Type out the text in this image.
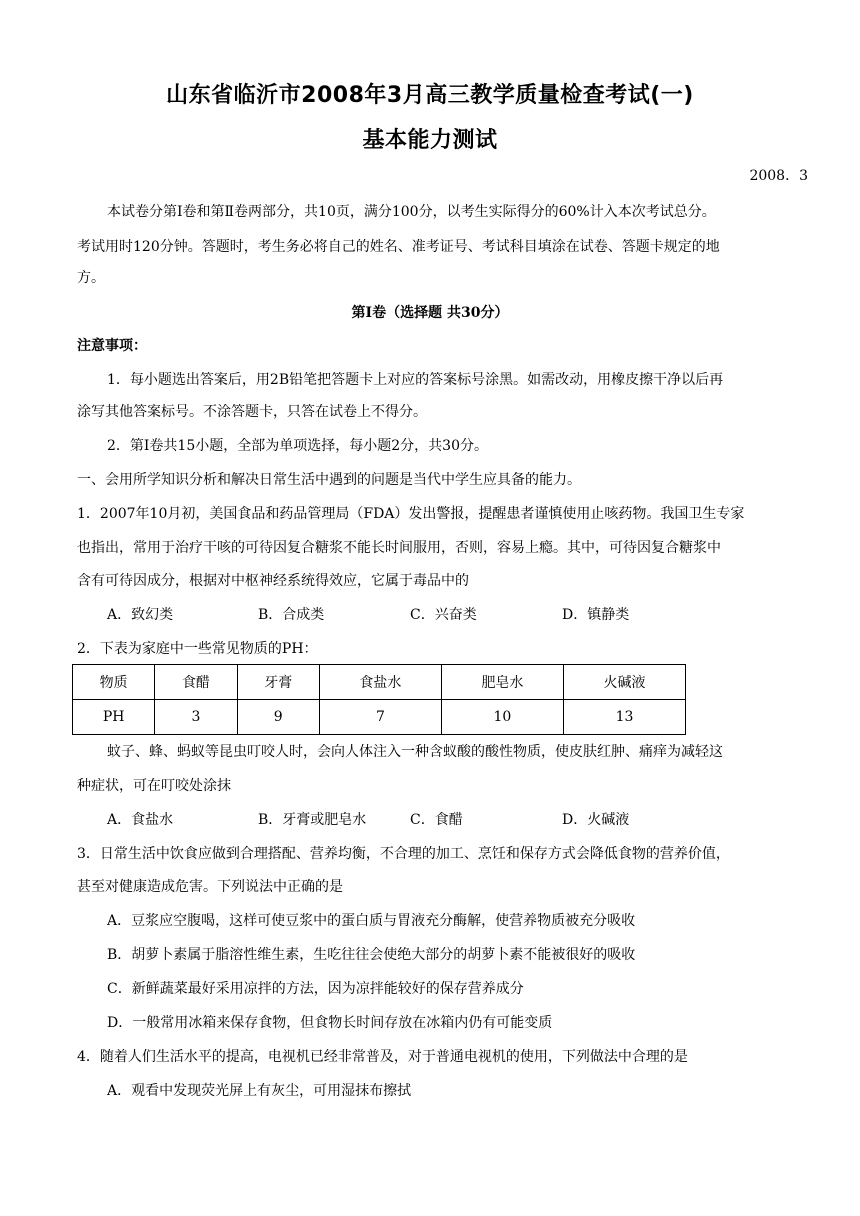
山东省临沂市2008年3月高三教学质量检查考试(一)
基本能力测试
2008．3
本试卷分第Ⅰ卷和第Ⅱ卷两部分，共10页，满分100分，以考生实际得分的60%计入本次考试总分。
考试用时120分钟。答题时，考生务必将自己的姓名、准考证号、考试科目填涂在试卷、答题卡规定的地
方。
第Ⅰ卷（选择题 共30分）
注意事项：
1．每小题选出答案后，用2B铅笔把答题卡上对应的答案标号涂黑。如需改动，用橡皮擦干净以后再
涂写其他答案标号。不涂答题卡，只答在试卷上不得分。
2．第Ⅰ卷共15小题，全部为单项选择，每小题2分，共30分。
一、会用所学知识分析和解决日常生活中遇到的问题是当代中学生应具备的能力。
1．2007年10月初，美国食品和药品管理局（FDA）发出警报，提醒患者谨慎使用止咳药物。我国卫生专家
也指出，常用于治疗干咳的可待因复合糖浆不能长时间服用，否则，容易上瘾。其中，可待因复合糖浆中
含有可待因成分，根据对中枢神经系统得效应，它属于毒品中的
A．致幻类	B．合成类	C．兴奋类	D．镇静类
2．下表为家庭中一些常见物质的PH：
物质	食醋	牙膏	食盐水	肥皂水	火碱液
PH	3	9	7	10	13
蚊子、蜂、蚂蚁等昆虫叮咬人时，会向人体注入一种含蚁酸的酸性物质，使皮肤红肿、痛痒为减轻这
种症状，可在叮咬处涂抹
A．食盐水	B．牙膏或肥皂水	C．食醋	D．火碱液
3．日常生活中饮食应做到合理搭配、营养均衡，不合理的加工、烹饪和保存方式会降低食物的营养价值，
甚至对健康造成危害。下列说法中正确的是
A．豆浆应空腹喝，这样可使豆浆中的蛋白质与胃液充分酶解，使营养物质被充分吸收
B．胡萝卜素属于脂溶性维生素，生吃往往会使绝大部分的胡萝卜素不能被很好的吸收
C．新鲜蔬菜最好采用凉拌的方法，因为凉拌能较好的保存营养成分
D．一般常用冰箱来保存食物，但食物长时间存放在冰箱内仍有可能变质
4．随着人们生活水平的提高，电视机已经非常普及，对于普通电视机的使用，下列做法中合理的是
A．观看中发现荧光屏上有灰尘，可用湿抹布擦拭
